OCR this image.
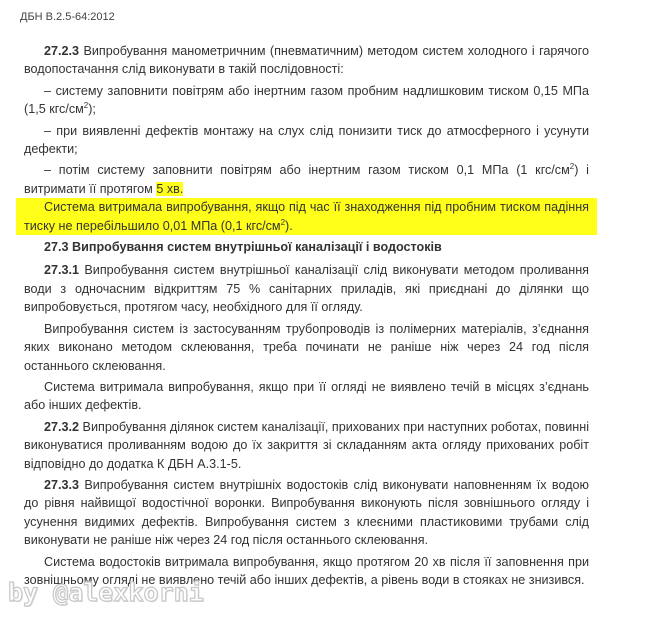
ДБН В.2.5-64:2012

27.2.3 Випробування манометричним (пневматичним) методом систем холодного і гарячого водопостачання слід виконувати в такій послідовності:

– систему заповнити повітрям або інертним газом пробним надлишковим тиском 0,15 МПа (1,5 кгс/$см^2$);

– при виявленні дефектів монтажу на слух слід понизити тиск до атмосферного і усунути дефекти;

– потім систему заповнити повітрям або інертним газом тиском 0,1 МПа (1 кгс/$см^2$) і витримати її протягом 5 хв.

Система витримала випробування, якщо під час її знаходження під пробним тиском падіння тиску не перебільшило 0,01 МПа (0,1 кгс/$см^2$).

27.3 Випробування систем внутрішньої каналізації і водостоків

27.3.1 Випробування систем внутрішньої каналізації слід виконувати методом проливання води з одночасним відкриттям 75 % санітарних приладів, які приєднані до ділянки що випробовується, протягом часу, необхідного для її огляду.

Випробування систем із застосуванням трубопроводів із полімерних матеріалів, з’єднання яких виконано методом склеювання, треба починати не раніше ніж через 24 год після останнього склеювання.

Система витримала випробування, якщо при її огляді не виявлено течій в місцях з’єднань або інших дефектів.

27.3.2 Випробування ділянок систем каналізації, прихованих при наступних роботах, повинні виконуватися проливанням водою до їх закриття зі складанням акта огляду прихованих робіт відповідно до додатка К ДБН А.3.1-5.

27.3.3 Випробування систем внутрішніх водостоків слід виконувати наповненням їх водою до рівня найвищої водостічної воронки. Випробування виконують після зовнішнього огляду і усунення видимих дефектів. Випробування систем з клеєними пластиковими трубами слід виконувати не раніше ніж через 24 год після останнього склеювання.

Система водостоків витримала випробування, якщо протягом 20 хв після її заповнення при зовнішньому огляді не виявлено течій або інших дефектів, а рівень води в стояках не знизився.

by @alexkorni
